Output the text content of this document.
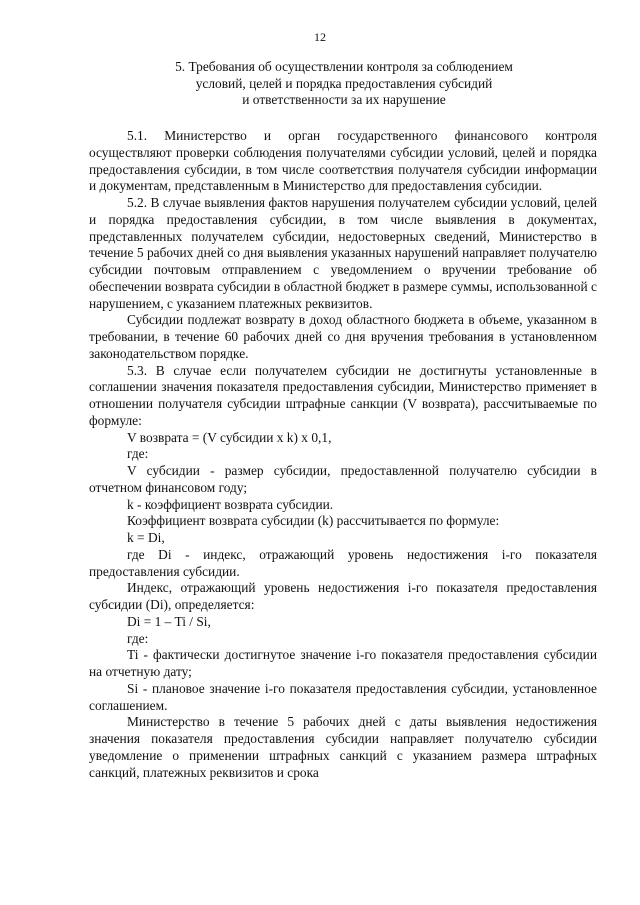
12
5. Требования об осуществлении контроля за соблюдением
условий, целей и порядка предоставления субсидий
и ответственности за их нарушение

5.1. Министерство и орган государственного финансового контроля осуществляют проверки соблюдения получателями субсидии условий, целей и порядка предоставления субсидии, в том числе соответствия получателя субсидии информации и документам, представленным в Министерство для предоставления субсидии.

5.2. В случае выявления фактов нарушения получателем субсидии условий, целей и порядка предоставления субсидии, в том числе выявления в документах, представленных получателем субсидии, недостоверных сведений, Министерство в течение 5 рабочих дней со дня выявления указанных нарушений направляет получателю субсидии почтовым отправлением с уведомлением о вручении требование об обеспечении возврата субсидии в областной бюджет в размере суммы, использованной с нарушением, с указанием платежных реквизитов.

Субсидии подлежат возврату в доход областного бюджета в объеме, указанном в требовании, в течение 60 рабочих дней со дня вручения требования в установленном законодательством порядке.

5.3. В случае если получателем субсидии не достигнуты установленные в соглашении значения показателя предоставления субсидии, Министерство применяет в отношении получателя субсидии штрафные санкции (V возврата), рассчитываемые по формуле:

V возврата = (V субсидии x k) x 0,1,

где:

V субсидии - размер субсидии, предоставленной получателю субсидии в отчетном финансовом году;

k - коэффициент возврата субсидии.

Коэффициент возврата субсидии (k) рассчитывается по формуле:

k = Di,

где Di - индекс, отражающий уровень недостижения i-го показателя предоставления субсидии.

Индекс, отражающий уровень недостижения i-го показателя предоставления субсидии (Di), определяется:

Di = 1 – Ti / Si,

где:

Ti - фактически достигнутое значение i-го показателя предоставления субсидии на отчетную дату;

Si - плановое значение i-го показателя предоставления субсидии, установленное соглашением.

Министерство в течение 5 рабочих дней с даты выявления недостижения значения показателя предоставления субсидии направляет получателю субсидии уведомление о применении штрафных санкций с указанием размера штрафных санкций, платежных реквизитов и срока
